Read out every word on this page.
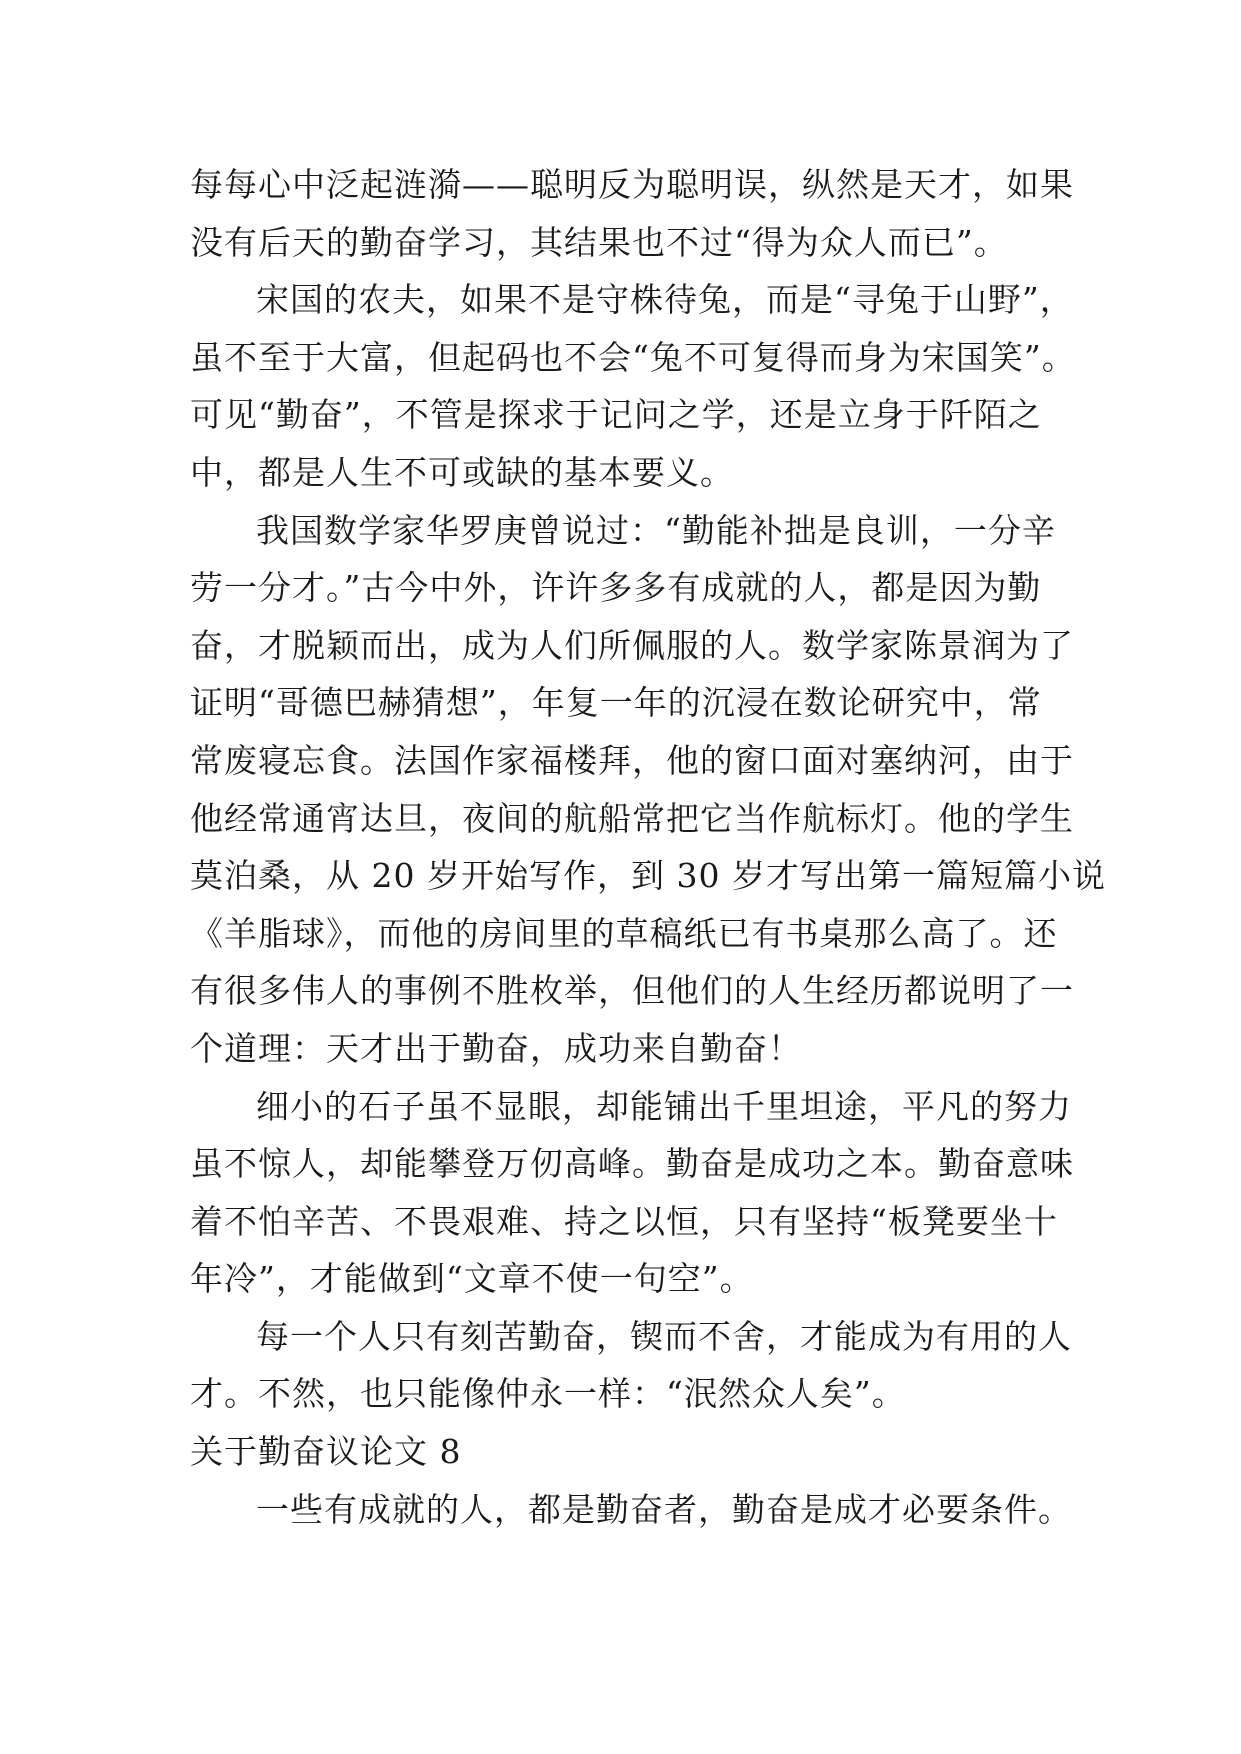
每每心中泛起涟漪——聪明反为聪明误，纵然是天才，如果
没有后天的勤奋学习，其结果也不过“得为众人而已”。
宋国的农夫，如果不是守株待兔，而是“寻兔于山野”，
虽不至于大富，但起码也不会“兔不可复得而身为宋国笑”。
可见“勤奋”，不管是探求于记问之学，还是立身于阡陌之
中，都是人生不可或缺的基本要义。
我国数学家华罗庚曾说过：“勤能补拙是良训，一分辛
劳一分才。”古今中外，许许多多有成就的人，都是因为勤
奋，才脱颖而出，成为人们所佩服的人。数学家陈景润为了
证明“哥德巴赫猜想”，年复一年的沉浸在数论研究中，常
常废寝忘食。法国作家福楼拜，他的窗口面对塞纳河，由于
他经常通宵达旦，夜间的航船常把它当作航标灯。他的学生
莫泊桑，从 20 岁开始写作，到 30 岁才写出第一篇短篇小说
《羊脂球》，而他的房间里的草稿纸已有书桌那么高了。还
有很多伟人的事例不胜枚举，但他们的人生经历都说明了一
个道理：天才出于勤奋，成功来自勤奋！
细小的石子虽不显眼，却能铺出千里坦途，平凡的努力
虽不惊人，却能攀登万仞高峰。勤奋是成功之本。勤奋意味
着不怕辛苦、不畏艰难、持之以恒，只有坚持“板凳要坐十
年冷”，才能做到“文章不使一句空”。
每一个人只有刻苦勤奋，锲而不舍，才能成为有用的人
才。不然，也只能像仲永一样：“泯然众人矣”。
关于勤奋议论文 8
一些有成就的人，都是勤奋者，勤奋是成才必要条件。
